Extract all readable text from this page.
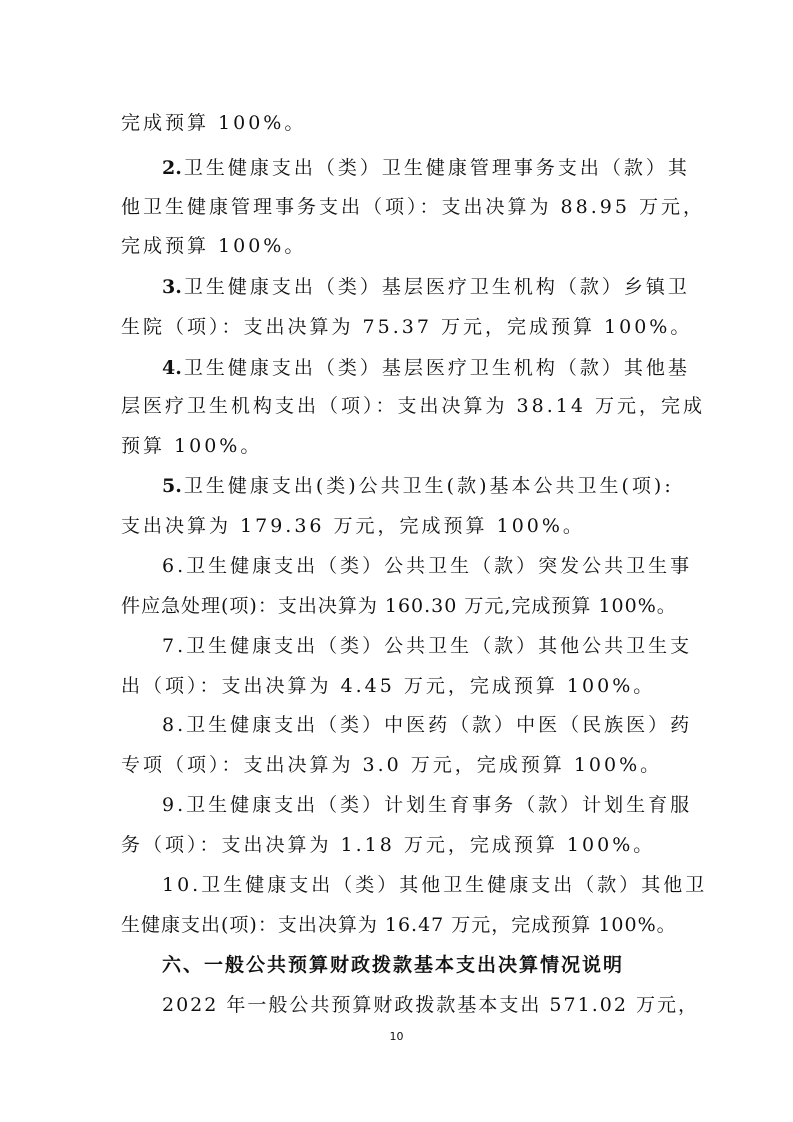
完成预算 100%。
2. 卫生健康支出（类）卫生健康管理事务支出（款）其
他卫生健康管理事务支出（项）：支出决算为 88.95 万元，
完成预算 100%。
3. 卫生健康支出（类）基层医疗卫生机构（款）乡镇卫
生院（项）：支出决算为 75.37 万元，完成预算 100%。
4. 卫生健康支出（类）基层医疗卫生机构（款）其他基
层医疗卫生机构支出（项）：支出决算为 38.14 万元，完成
预算 100%。
5. 卫生健康支出(类)公共卫生(款)基本公共卫生(项):
支出决算为 179.36 万元，完成预算 100%。
6.卫生健康支出（类）公共卫生（款）突发公共卫生事
件应急处理(项)：支出决算为 160.30 万元,完成预算 100%。
7.卫生健康支出（类）公共卫生（款）其他公共卫生支
出（项）：支出决算为 4.45 万元，完成预算 100%。
8.卫生健康支出（类）中医药（款）中医（民族医）药
专项（项）：支出决算为 3.0 万元，完成预算 100%。
9.卫生健康支出（类）计划生育事务（款）计划生育服
务（项）：支出决算为 1.18 万元，完成预算 100%。
10.卫生健康支出（类）其他卫生健康支出（款）其他卫
生健康支出(项)：支出决算为 16.47 万元，完成预算 100%。
六、一般公共预算财政拨款基本支出决算情况说明
2022 年一般公共预算财政拨款基本支出 571.02 万元，
10
